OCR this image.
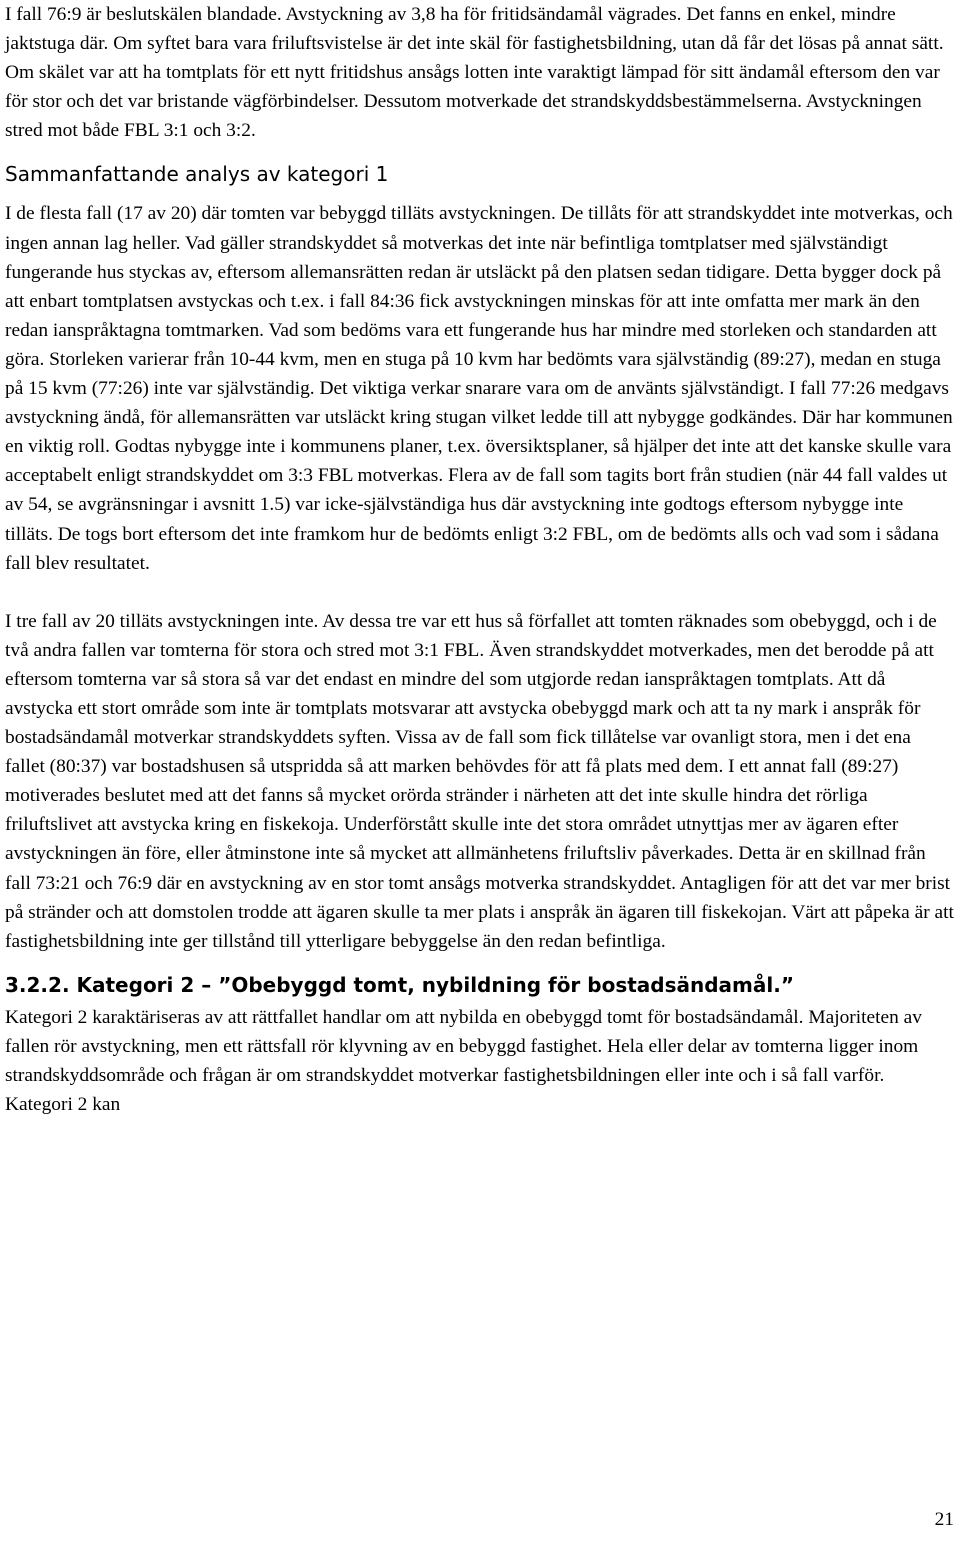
I fall 76:9 är beslutskälen blandade. Avstyckning av 3,8 ha för fritidsändamål vägrades. Det fanns en enkel, mindre jaktstuga där. Om syftet bara vara friluftsvistelse är det inte skäl för fastighetsbildning, utan då får det lösas på annat sätt. Om skälet var att ha tomtplats för ett nytt fritidshus ansågs lotten inte varaktigt lämpad för sitt ändamål eftersom den var för stor och det var bristande vägförbindelser. Dessutom motverkade det strandskyddsbestämmelserna. Avstyckningen stred mot både FBL 3:1 och 3:2.

Sammanfattande analys av kategori 1

I de flesta fall (17 av 20) där tomten var bebyggd tilläts avstyckningen. De tillåts för att strandskyddet inte motverkas, och ingen annan lag heller. Vad gäller strandskyddet så motverkas det inte när befintliga tomtplatser med självständigt fungerande hus styckas av, eftersom allemansrätten redan är utsläckt på den platsen sedan tidigare. Detta bygger dock på att enbart tomtplatsen avstyckas och t.ex. i fall 84:36 fick avstyckningen minskas för att inte omfatta mer mark än den redan ianspråktagna tomtmarken. Vad som bedöms vara ett fungerande hus har mindre med storleken och standarden att göra. Storleken varierar från 10-44 kvm, men en stuga på 10 kvm har bedömts vara självständig (89:27), medan en stuga på 15 kvm (77:26) inte var självständig. Det viktiga verkar snarare vara om de använts självständigt. I fall 77:26 medgavs avstyckning ändå, för allemansrätten var utsläckt kring stugan vilket ledde till att nybygge godkändes. Där har kommunen en viktig roll. Godtas nybygge inte i kommunens planer, t.ex. översiktsplaner, så hjälper det inte att det kanske skulle vara acceptabelt enligt strandskyddet om 3:3 FBL motverkas. Flera av de fall som tagits bort från studien (när 44 fall valdes ut av 54, se avgränsningar i avsnitt 1.5) var icke-självständiga hus där avstyckning inte godtogs eftersom nybygge inte tilläts. De togs bort eftersom det inte framkom hur de bedömts enligt 3:2 FBL, om de bedömts alls och vad som i sådana fall blev resultatet.

I tre fall av 20 tilläts avstyckningen inte. Av dessa tre var ett hus så förfallet att tomten räknades som obebyggd, och i de två andra fallen var tomterna för stora och stred mot 3:1 FBL. Även strandskyddet motverkades, men det berodde på att eftersom tomterna var så stora så var det endast en mindre del som utgjorde redan ianspråktagen tomtplats. Att då avstycka ett stort område som inte är tomtplats motsvarar att avstycka obebyggd mark och att ta ny mark i anspråk för bostadsändamål motverkar strandskyddets syften. Vissa av de fall som fick tillåtelse var ovanligt stora, men i det ena fallet (80:37) var bostadshusen så utspridda så att marken behövdes för att få plats med dem. I ett annat fall (89:27) motiverades beslutet med att det fanns så mycket orörda stränder i närheten att det inte skulle hindra det rörliga friluftslivet att avstycka kring en fiskekoja. Underförstått skulle inte det stora området utnyttjas mer av ägaren efter avstyckningen än före, eller åtminstone inte så mycket att allmänhetens friluftsliv påverkades. Detta är en skillnad från fall 73:21 och 76:9 där en avstyckning av en stor tomt ansågs motverka strandskyddet. Antagligen för att det var mer brist på stränder och att domstolen trodde att ägaren skulle ta mer plats i anspråk än ägaren till fiskekojan. Värt att påpeka är att fastighetsbildning inte ger tillstånd till ytterligare bebyggelse än den redan befintliga.

3.2.2. Kategori 2 – ”Obebyggd tomt, nybildning för bostadsändamål.”

Kategori 2 karaktäriseras av att rättfallet handlar om att nybilda en obebyggd tomt för bostadsändamål. Majoriteten av fallen rör avstyckning, men ett rättsfall rör klyvning av en bebyggd fastighet. Hela eller delar av tomterna ligger inom strandskyddsområde och frågan är om strandskyddet motverkar fastighetsbildningen eller inte och i så fall varför. Kategori 2 kan

21
